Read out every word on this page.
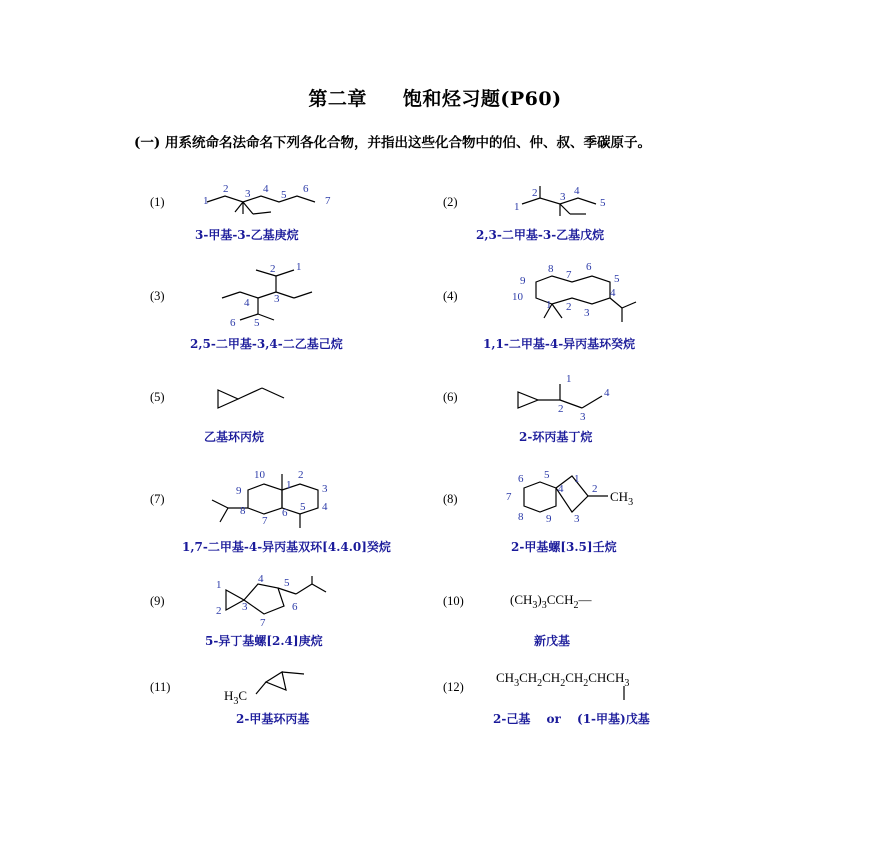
第二章 饱和烃习题(P60)
(一) 用系统命名法命名下列各化合物，并指出这些化合物中的伯、仲、叔、季碳原子。
(1)	1
2 3 4 5 6
7
3-甲基-3-乙基庚烷
(2)	1
2 3 4
5
2,3-二甲基-3-乙基戊烷
(3)
1
2
3
4
5
6
2,5-二甲基-3,4-二乙基己烷
(4)
1 2 3
4
5
6
7
8
9
10
1,1-二甲基-4-异丙基环癸烷
(5)
乙基环丙烷
(6)
1
2
3
4
2-环丙基丁烷
(7)
10
9
8
7
6 5 4
3
2
1
1,7-二甲基-4-异丙基双环[4.4.0]癸烷
(8)	$CH_3$
1
2
3
4
5
6
7
8 9
2-甲基螺[3.5]壬烷
(9)
1
2 3
4 5
6
7
5-异丁基螺[2.4]庚烷
(10)	$(CH_3)_3CCH_2—$
新戊基
(11)
$H_3C$
2-甲基环丙基
(12)
$CH_3CH_2CH_2CH_2CHCH_3$
2-己基 　or　 (1-甲基)戊基
